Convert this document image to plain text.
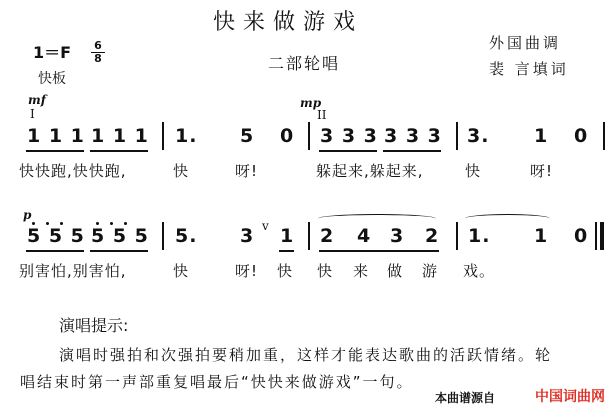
快来做游戏
外国曲调
裴 言填词
1＝F 6
8
快板
二部轮唱
mf
I
mp
II
1 1 1 1 1 1 1. 5 0 3 3 3 3 3 3 3. 1 0
快快跑,快快跑,	快	呀!	躲起来,躲起来,	快	呀!
p
v
5 5 5 5 5 5 5. 3 1 2 4 3 2 1. 1 0
别害怕,别害怕,	快	呀! 快 快 来 做 游 戏。
演唱提示:
演唱时强拍和次强拍要稍加重，这样才能表达歌曲的活跃情绪。轮
唱结束时第一声部重复唱最后“快快来做游戏”一句。
本曲谱源自	中国词曲网
